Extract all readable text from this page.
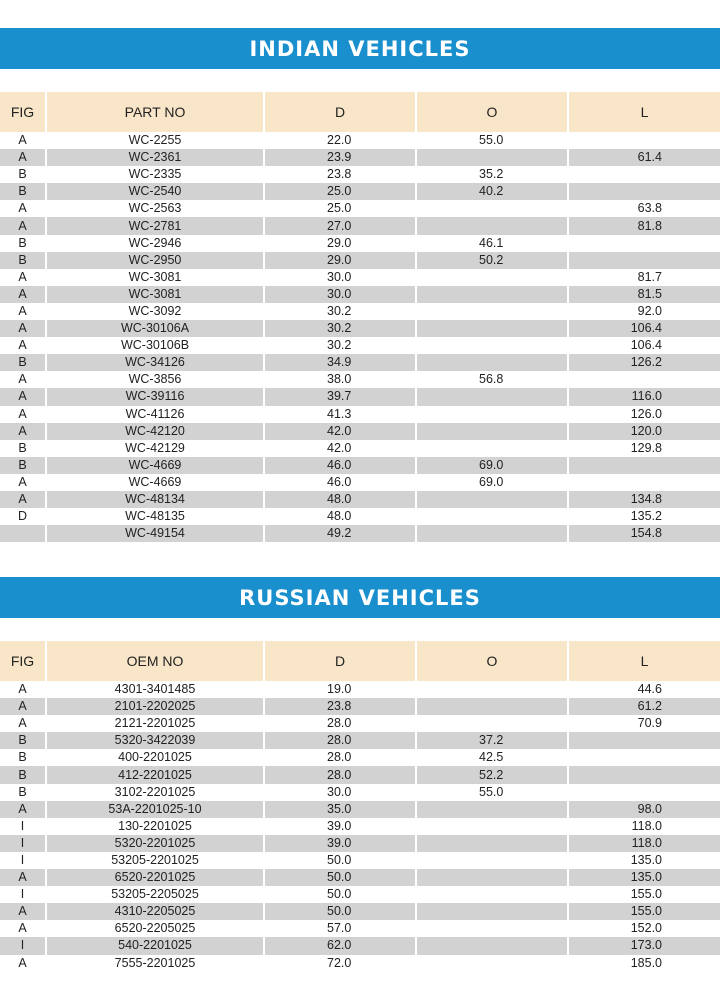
INDIAN VEHICLES
FIG	PART NO	D	O	L
A	WC-2255	22.0	55.0	
A	WC-2361	23.9		61.4
B	WC-2335	23.8	35.2	
B	WC-2540	25.0	40.2	
A	WC-2563	25.0		63.8
A	WC-2781	27.0		81.8
B	WC-2946	29.0	46.1	
B	WC-2950	29.0	50.2	
A	WC-3081	30.0		81.7
A	WC-3081	30.0		81.5
A	WC-3092	30.2		92.0
A	WC-30106A	30.2		106.4
A	WC-30106B	30.2		106.4
B	WC-34126	34.9		126.2
A	WC-3856	38.0	56.8	
A	WC-39116	39.7		116.0
A	WC-41126	41.3		126.0
A	WC-42120	42.0		120.0
B	WC-42129	42.0		129.8
B	WC-4669	46.0	69.0	
A	WC-4669	46.0	69.0	
A	WC-48134	48.0		134.8
D	WC-48135	48.0		135.2
	WC-49154	49.2		154.8
RUSSIAN VEHICLES
FIG	OEM NO	D	O	L
A	4301-3401485	19.0		44.6
A	2101-2202025	23.8		61.2
A	2121-2201025	28.0		70.9
B	5320-3422039	28.0	37.2	
B	400-2201025	28.0	42.5	
B	412-2201025	28.0	52.2	
B	3102-2201025	30.0	55.0	
A	53A-2201025-10	35.0		98.0
I	130-2201025	39.0		118.0
I	5320-2201025	39.0		118.0
I	53205-2201025	50.0		135.0
A	6520-2201025	50.0		135.0
I	53205-2205025	50.0		155.0
A	4310-2205025	50.0		155.0
A	6520-2205025	57.0		152.0
I	540-2201025	62.0		173.0
A	7555-2201025	72.0		185.0
